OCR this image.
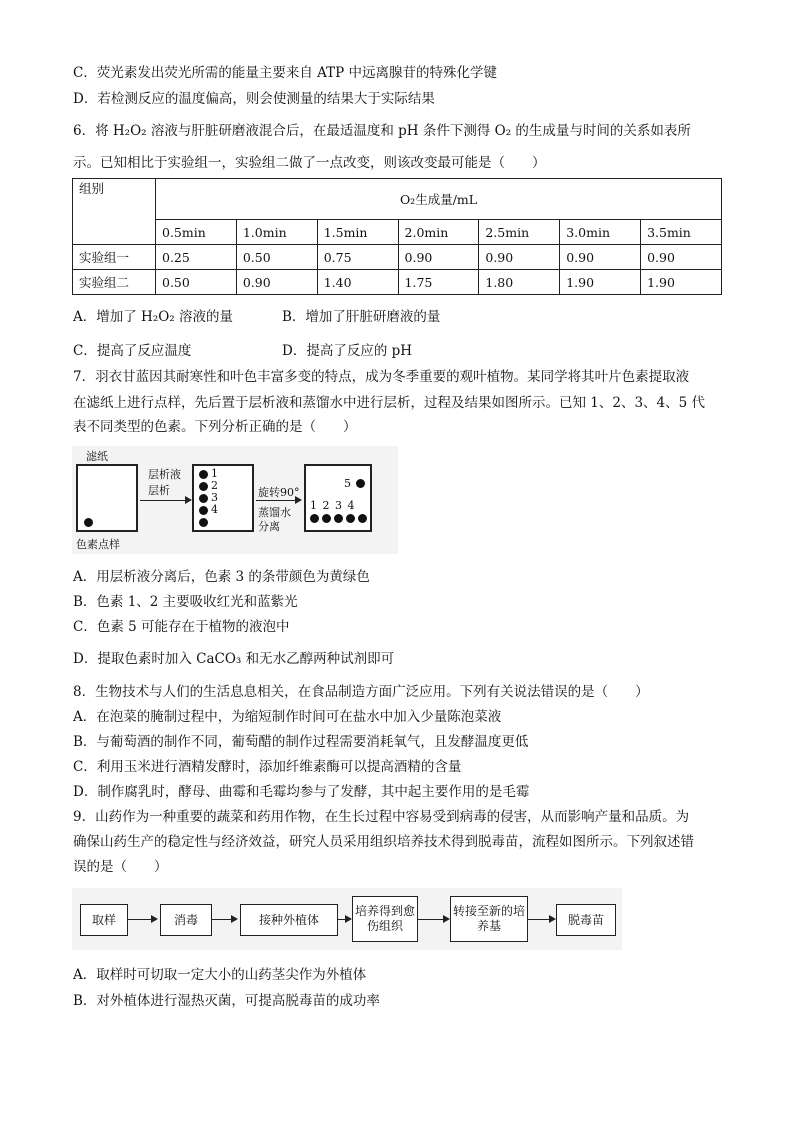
C．荧光素发出荧光所需的能量主要来自 ATP 中远离腺苷的特殊化学键
D．若检测反应的温度偏高，则会使测量的结果大于实际结果
6．将 H₂O₂ 溶液与肝脏研磨液混合后，在最适温度和 pH 条件下测得 O₂ 的生成量与时间的关系如表所
示。已知相比于实验组一，实验组二做了一点改变，则该改变最可能是（　　）
组别	O₂生成量/mL						
	0.5min	1.0min	1.5min	2.0min	2.5min	3.0min	3.5min
实验组一	0.25	0.50	0.75	0.90	0.90	0.90	0.90
实验组二	0.50	0.90	1.40	1.75	1.80	1.90	1.90
A．增加了 H₂O₂ 溶液的量	B．增加了肝脏研磨液的量
C．提高了反应温度	D．提高了反应的 pH
7．羽衣甘蓝因其耐寒性和叶色丰富多变的特点，成为冬季重要的观叶植物。某同学将其叶片色素提取液
在滤纸上进行点样，先后置于层析液和蒸馏水中进行层析，过程及结果如图所示。已知 1、2、3、4、5 代
表不同类型的色素。下列分析正确的是（　　）
滤纸
色素点样
层析液
层析
1
2
3
4
旋转90°
蒸馏水
分离
5
1 2 3 4
A．用层析液分离后，色素 3 的条带颜色为黄绿色
B．色素 1、2 主要吸收红光和蓝紫光
C．色素 5 可能存在于植物的液泡中
D．提取色素时加入 CaCO₃ 和无水乙醇两种试剂即可
8．生物技术与人们的生活息息相关，在食品制造方面广泛应用。下列有关说法错误的是（　　）
A．在泡菜的腌制过程中，为缩短制作时间可在盐水中加入少量陈泡菜液
B．与葡萄酒的制作不同，葡萄醋的制作过程需要消耗氧气，且发酵温度更低
C．利用玉米进行酒精发酵时，添加纤维素酶可以提高酒精的含量
D．制作腐乳时，酵母、曲霉和毛霉均参与了发酵，其中起主要作用的是毛霉
9．山药作为一种重要的蔬菜和药用作物，在生长过程中容易受到病毒的侵害，从而影响产量和品质。为
确保山药生产的稳定性与经济效益，研究人员采用组织培养技术得到脱毒苗，流程如图所示。下列叙述错
误的是（　　）
取样	消毒	接种外植体
培养得到愈伤组织
转接至新的培养基	脱毒苗
A．取样时可切取一定大小的山药茎尖作为外植体
B．对外植体进行湿热灭菌，可提高脱毒苗的成功率
